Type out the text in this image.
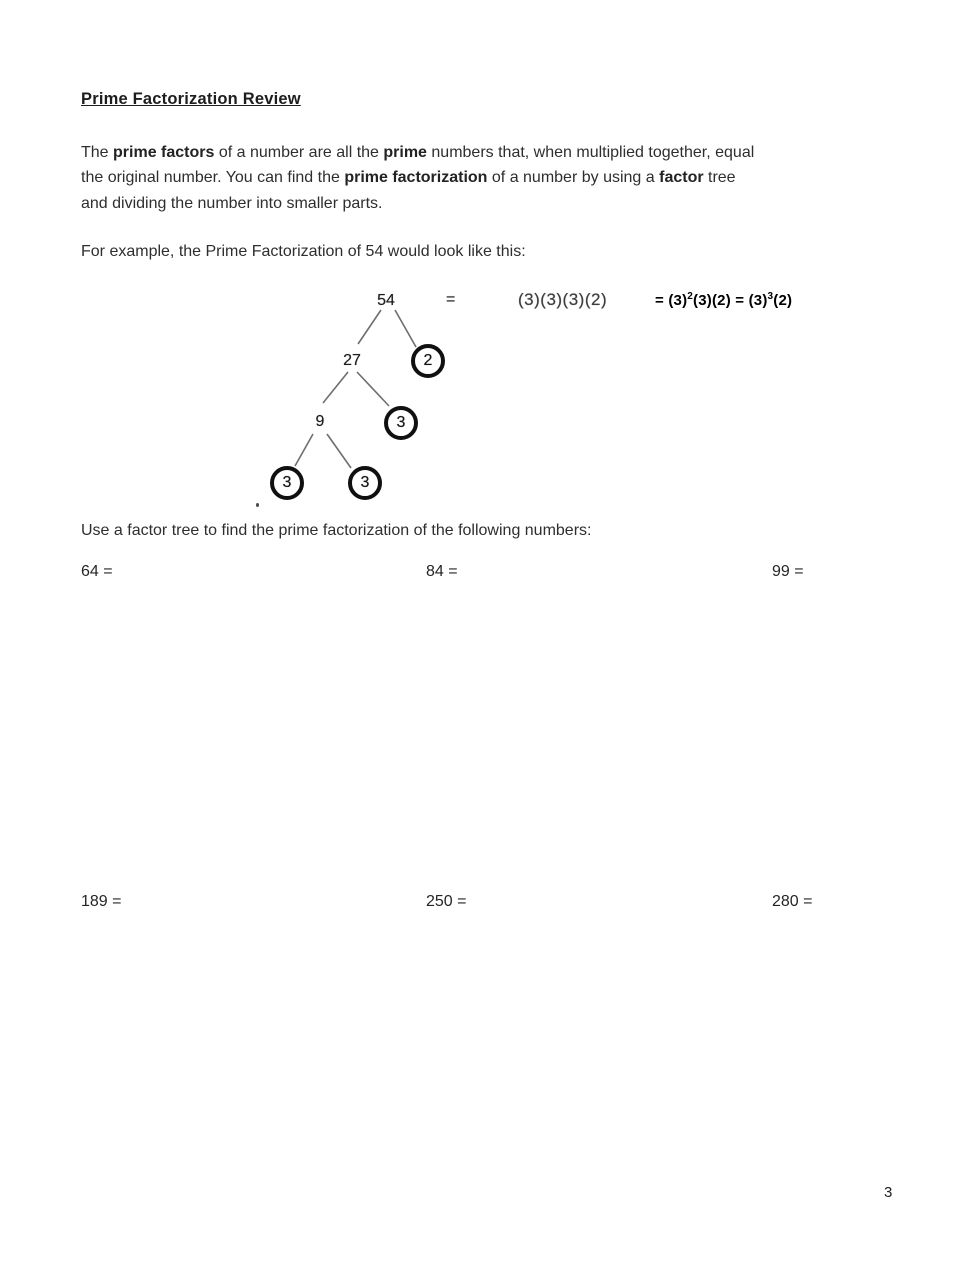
Prime Factorization Review
The prime factors of a number are all the prime numbers that, when multiplied together, equal
the original number. You can find the prime factorization of a number by using a factor tree
and dividing the number into smaller parts.
For example, the Prime Factorization of 54 would look like this:
54	=	(3)(3)(3)(2)	= $(3)^2(3)(2) = (3)^3(2)$
27
9
2
3
3	3
Use a factor tree to find the prime factorization of the following numbers:
64 =	84 =	99 =
189 =	250 =	280 =
3
